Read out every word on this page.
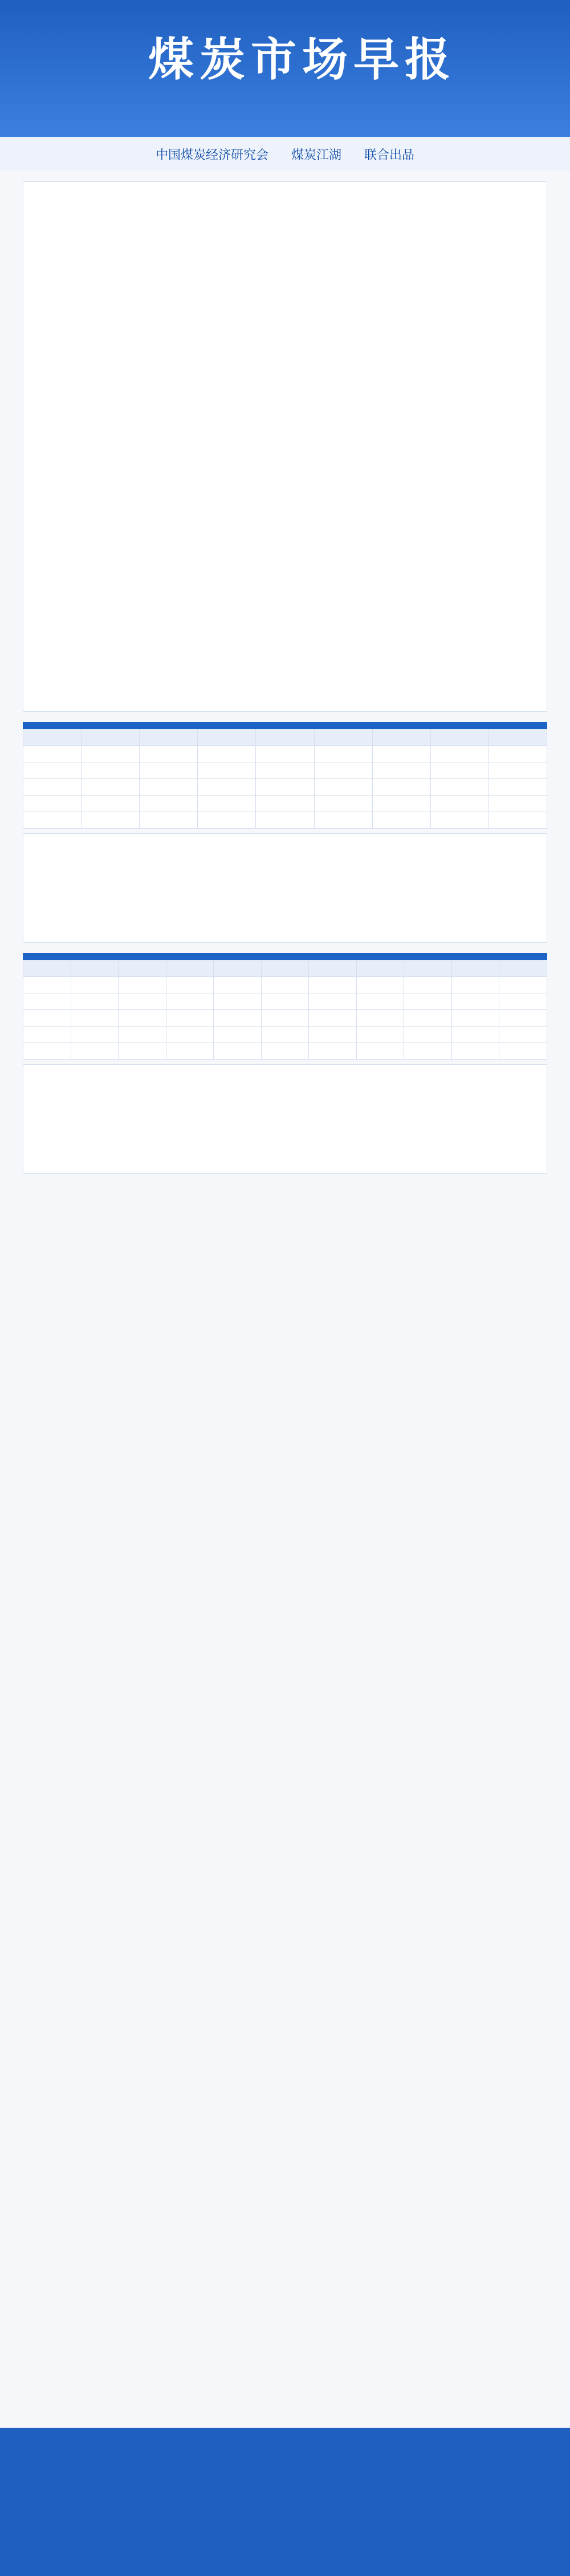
煤炭市场早报
中国煤炭经济研究会 煤炭江湖 联合出品
